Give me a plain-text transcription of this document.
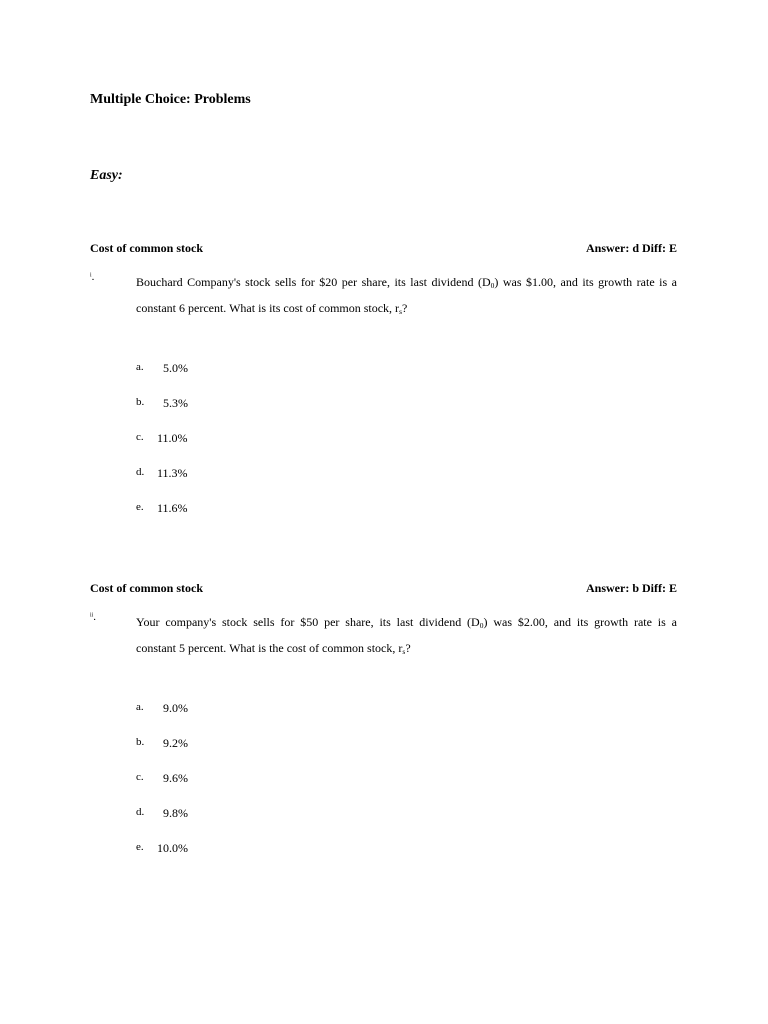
Multiple Choice: Problems
Easy:
Cost of common stock	Answer: d Diff: E
$^i$.	Bouchard Company's stock sells for $20 per share, its last dividend $(D_0)$ was $1.00, and its growth rate is a
constant 6 percent. What is its cost of common stock, $r_s$?
a. 5.0%
b. 5.3%
c. 11.0%
d. 11.3%
e. 11.6%
Cost of common stock	Answer: b Diff: E
$^{ii}$.	Your company's stock sells for $50 per share, its last dividend $(D_0)$ was $2.00, and its growth rate is a
constant 5 percent. What is the cost of common stock, $r_s$?
a. 9.0%
b. 9.2%
c. 9.6%
d. 9.8%
e. 10.0%
